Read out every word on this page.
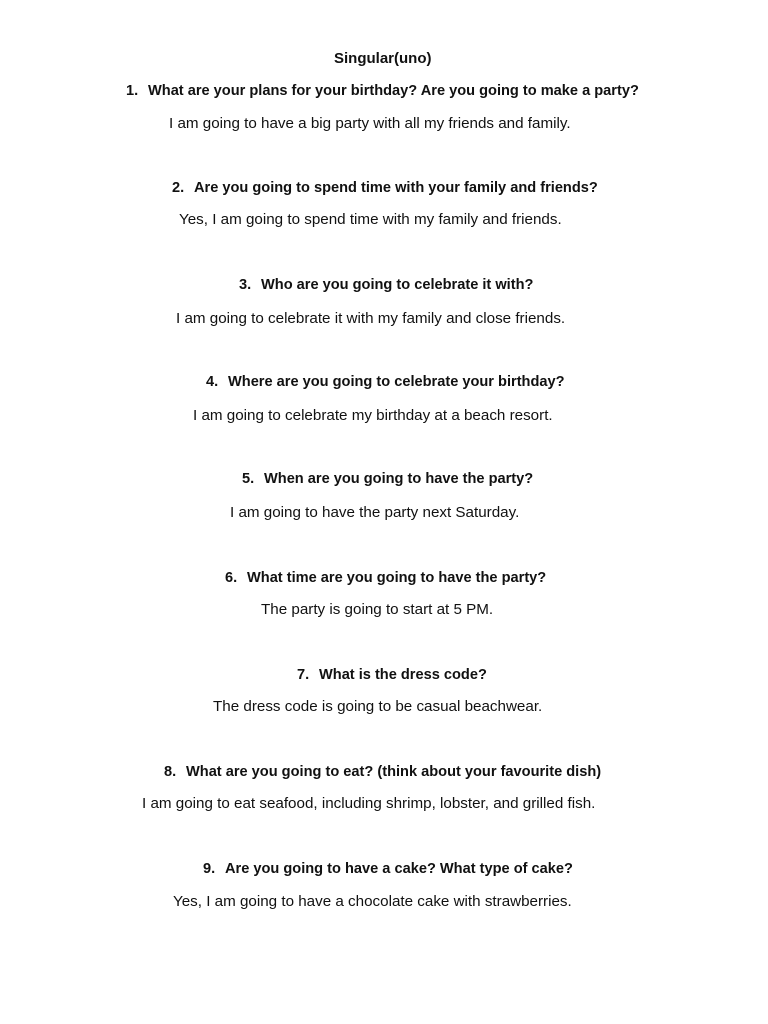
Singular(uno)
1. What are your plans for your birthday? Are you going to make a party?
I am going to have a big party with all my friends and family.
2. Are you going to spend time with your family and friends?
Yes, I am going to spend time with my family and friends.
3. Who are you going to celebrate it with?
I am going to celebrate it with my family and close friends.
4. Where are you going to celebrate your birthday?
I am going to celebrate my birthday at a beach resort.
5. When are you going to have the party?
I am going to have the party next Saturday.
6. What time are you going to have the party?
The party is going to start at 5 PM.
7. What is the dress code?
The dress code is going to be casual beachwear.
8. What are you going to eat? (think about your favourite dish)
I am going to eat seafood, including shrimp, lobster, and grilled fish.
9. Are you going to have a cake? What type of cake?
Yes, I am going to have a chocolate cake with strawberries.
